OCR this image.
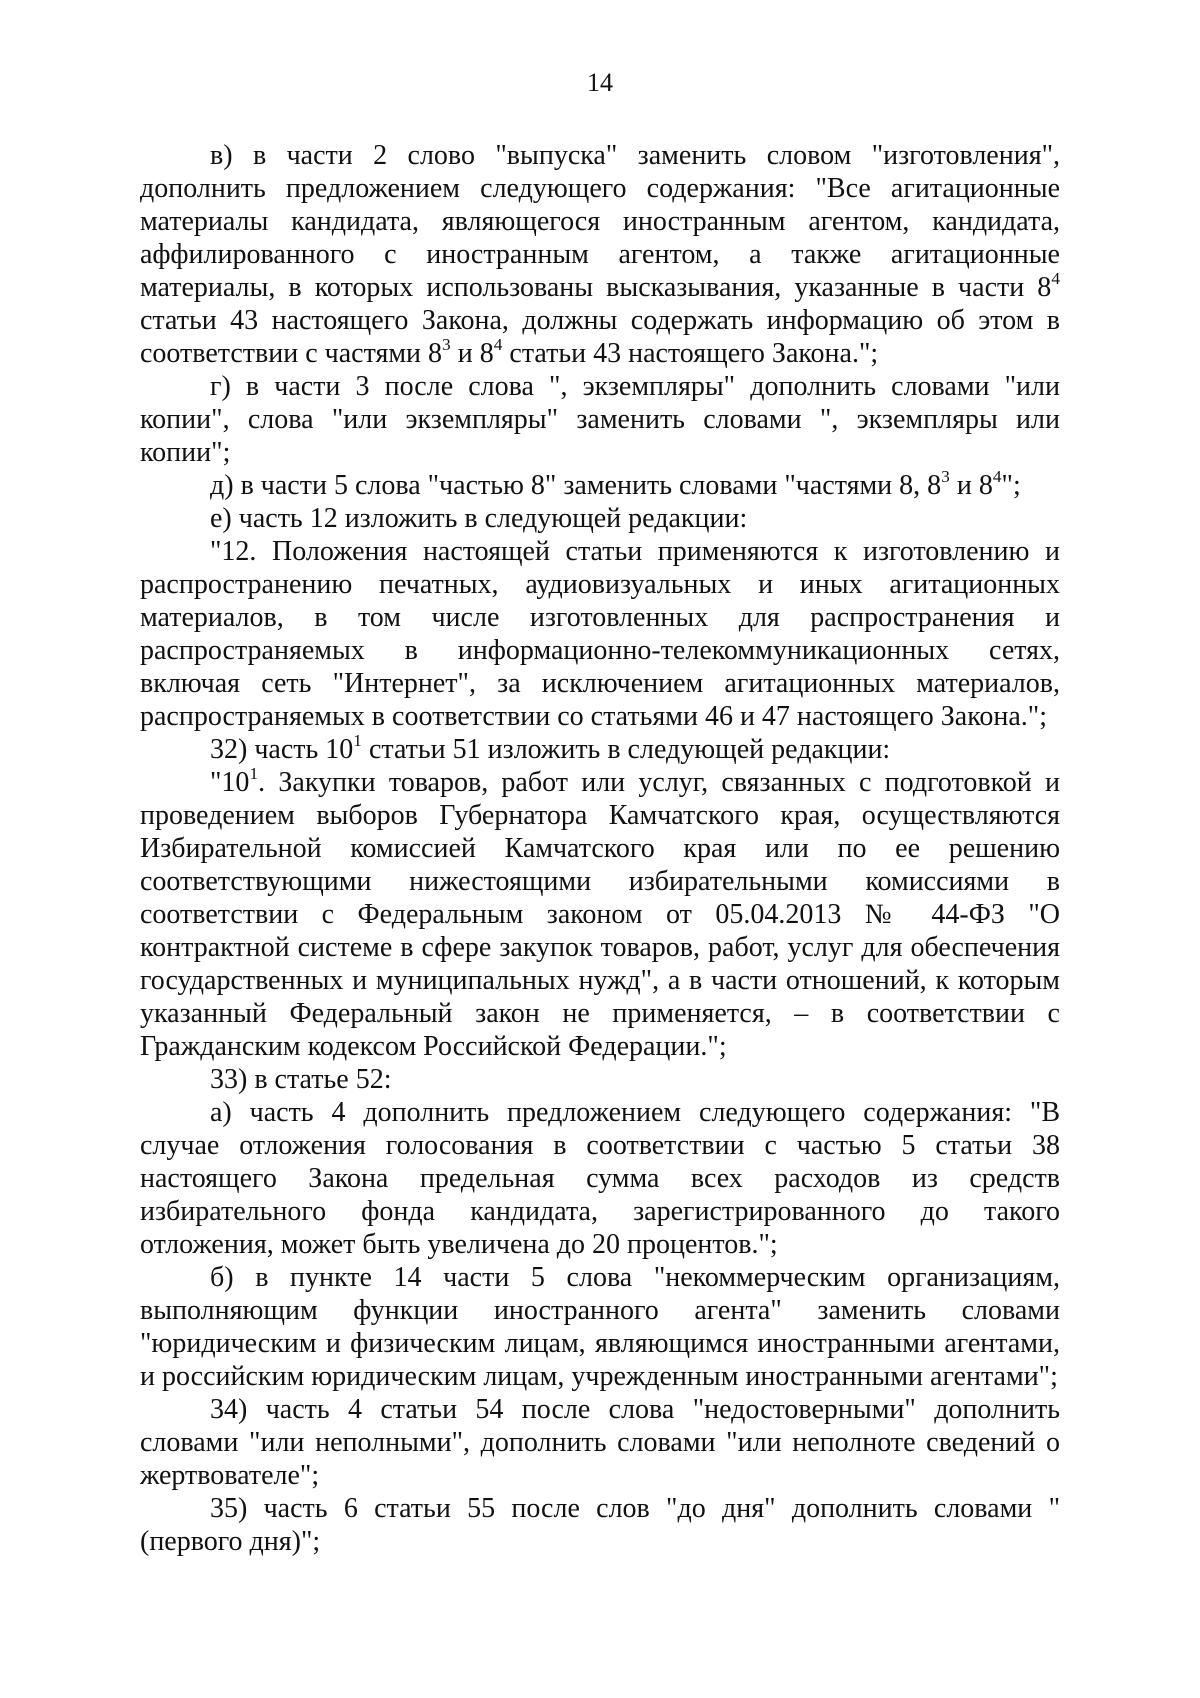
14

в) в части 2 слово "выпуска" заменить словом "изготовления", дополнить предложением следующего содержания: "Все агитационные материалы кандидата, являющегося иностранным агентом, кандидата, аффилированного с иностранным агентом, а также агитационные материалы, в которых использованы высказывания, указанные в части $8^4$ статьи 43 настоящего Закона, должны содержать информацию об этом в соответствии с частями $8^3$ и $8^4$ статьи 43 настоящего Закона.";

г) в части 3 после слова ", экземпляры" дополнить словами "или копии", слова "или экземпляры" заменить словами ", экземпляры или копии";

д) в части 5 слова "частью 8" заменить словами "частями 8, $8^3$ и $8^4$";

е) часть 12 изложить в следующей редакции:

"12. Положения настоящей статьи применяются к изготовлению и распространению печатных, аудиовизуальных и иных агитационных материалов, в том числе изготовленных для распространения и распространяемых в информационно-телекоммуникационных сетях, включая сеть "Интернет", за исключением агитационных материалов, распространяемых в соответствии со статьями 46 и 47 настоящего Закона.";

32) часть $10^1$ статьи 51 изложить в следующей редакции:

"$10^1$. Закупки товаров, работ или услуг, связанных с подготовкой и проведением выборов Губернатора Камчатского края, осуществляются Избирательной комиссией Камчатского края или по ее решению соответствующими нижестоящими избирательными комиссиями в соответствии с Федеральным законом от 05.04.2013 № 44-ФЗ "О контрактной системе в сфере закупок товаров, работ, услуг для обеспечения государственных и муниципальных нужд", а в части отношений, к которым указанный Федеральный закон не применяется, – в соответствии с Гражданским кодексом Российской Федерации.";

33) в статье 52:

а) часть 4 дополнить предложением следующего содержания: "В случае отложения голосования в соответствии с частью 5 статьи 38 настоящего Закона предельная сумма всех расходов из средств избирательного фонда кандидата, зарегистрированного до такого отложения, может быть увеличена до 20 процентов.";

б) в пункте 14 части 5 слова "некоммерческим организациям, выполняющим функции иностранного агента" заменить словами "юридическим и физическим лицам, являющимся иностранными агентами, и российским юридическим лицам, учрежденным иностранными агентами";

34) часть 4 статьи 54 после слова "недостоверными" дополнить словами "или неполными", дополнить словами "или неполноте сведений о жертвователе";

35) часть 6 статьи 55 после слов "до дня" дополнить словами "(первого дня)";
